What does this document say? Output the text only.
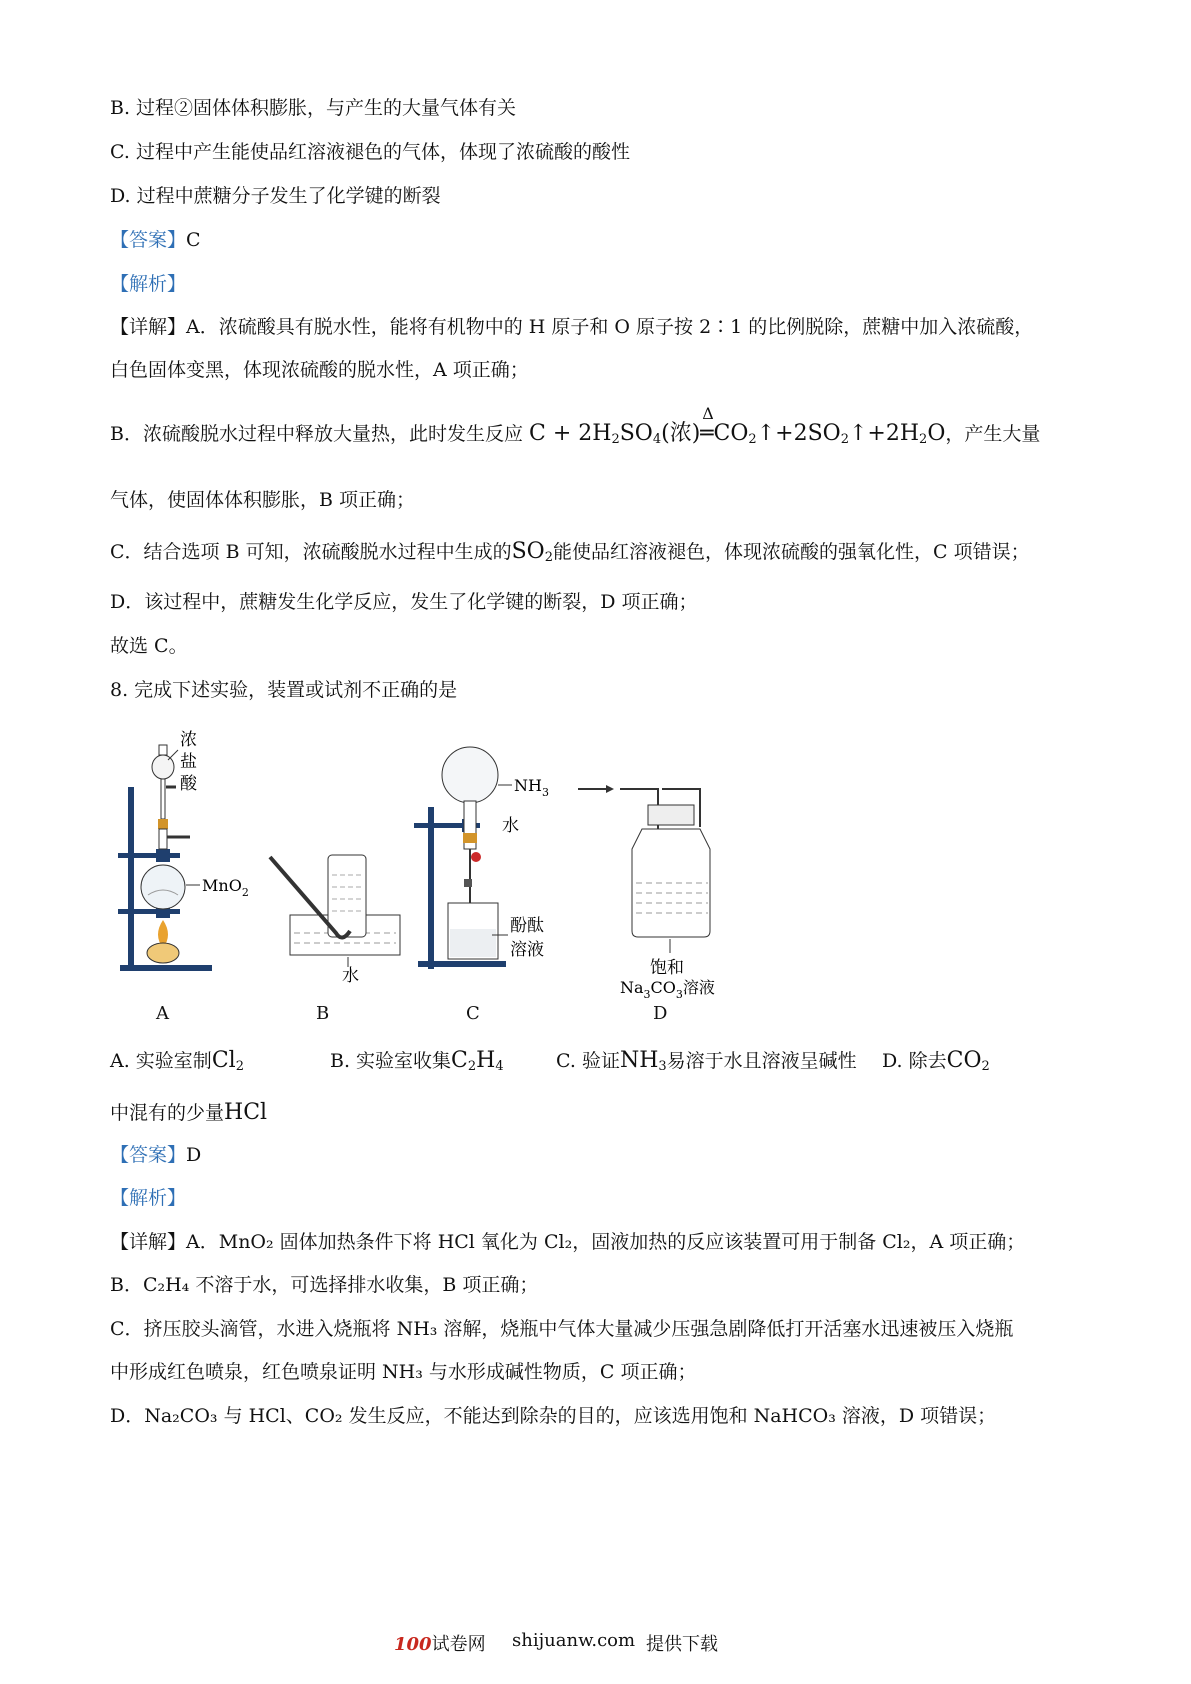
B. 过程②固体体积膨胀，与产生的大量气体有关
C. 过程中产生能使品红溶液褪色的气体，体现了浓硫酸的酸性
D. 过程中蔗糖分子发生了化学键的断裂
【答案】C
【解析】
【详解】A．浓硫酸具有脱水性，能将有机物中的 H 原子和 O 原子按 2∶1 的比例脱除，蔗糖中加入浓硫酸，
白色固体变黑，体现浓硫酸的脱水性，A 项正确；
B．浓硫酸脱水过程中释放大量热，此时发生反应 $C + 2H_2SO_4$(浓)
Δ
$═CO_2↑+2SO_2↑+2H_2O$，产生大量
气体，使固体体积膨胀，B 项正确；
C．结合选项 B 可知，浓硫酸脱水过程中生成的$SO_2$能使品红溶液褪色，体现浓硫酸的强氧化性，C 项错误；
D．该过程中，蔗糖发生化学反应，发生了化学键的断裂，D 项正确；
故选 C。
8. 完成下述实验，装置或试剂不正确的是
浓
盐
酸
MnO$_2$
水
$NH_3$
水
酚酞
溶液
饱和
$Na_3CO_3$溶液
A	B	C	D
A. 实验室制$Cl_2$	B. 实验室收集$C_2H_4$	C. 验证$NH_3$易溶于水且溶液呈碱性 D. 除去$CO_2$
中混有的少量HCl
【答案】D
【解析】
【详解】A．MnO₂ 固体加热条件下将 HCl 氧化为 Cl₂，固液加热的反应该装置可用于制备 Cl₂，A 项正确；
B．C₂H₄ 不溶于水，可选择排水收集，B 项正确；
C．挤压胶头滴管，水进入烧瓶将 NH₃ 溶解，烧瓶中气体大量减少压强急剧降低打开活塞水迅速被压入烧瓶
中形成红色喷泉，红色喷泉证明 NH₃ 与水形成碱性物质，C 项正确；
D．Na₂CO₃ 与 HCl、CO₂ 发生反应，不能达到除杂的目的，应该选用饱和 NaHCO₃ 溶液，D 项错误；
100试卷网 shijuanw.com 提供下载
